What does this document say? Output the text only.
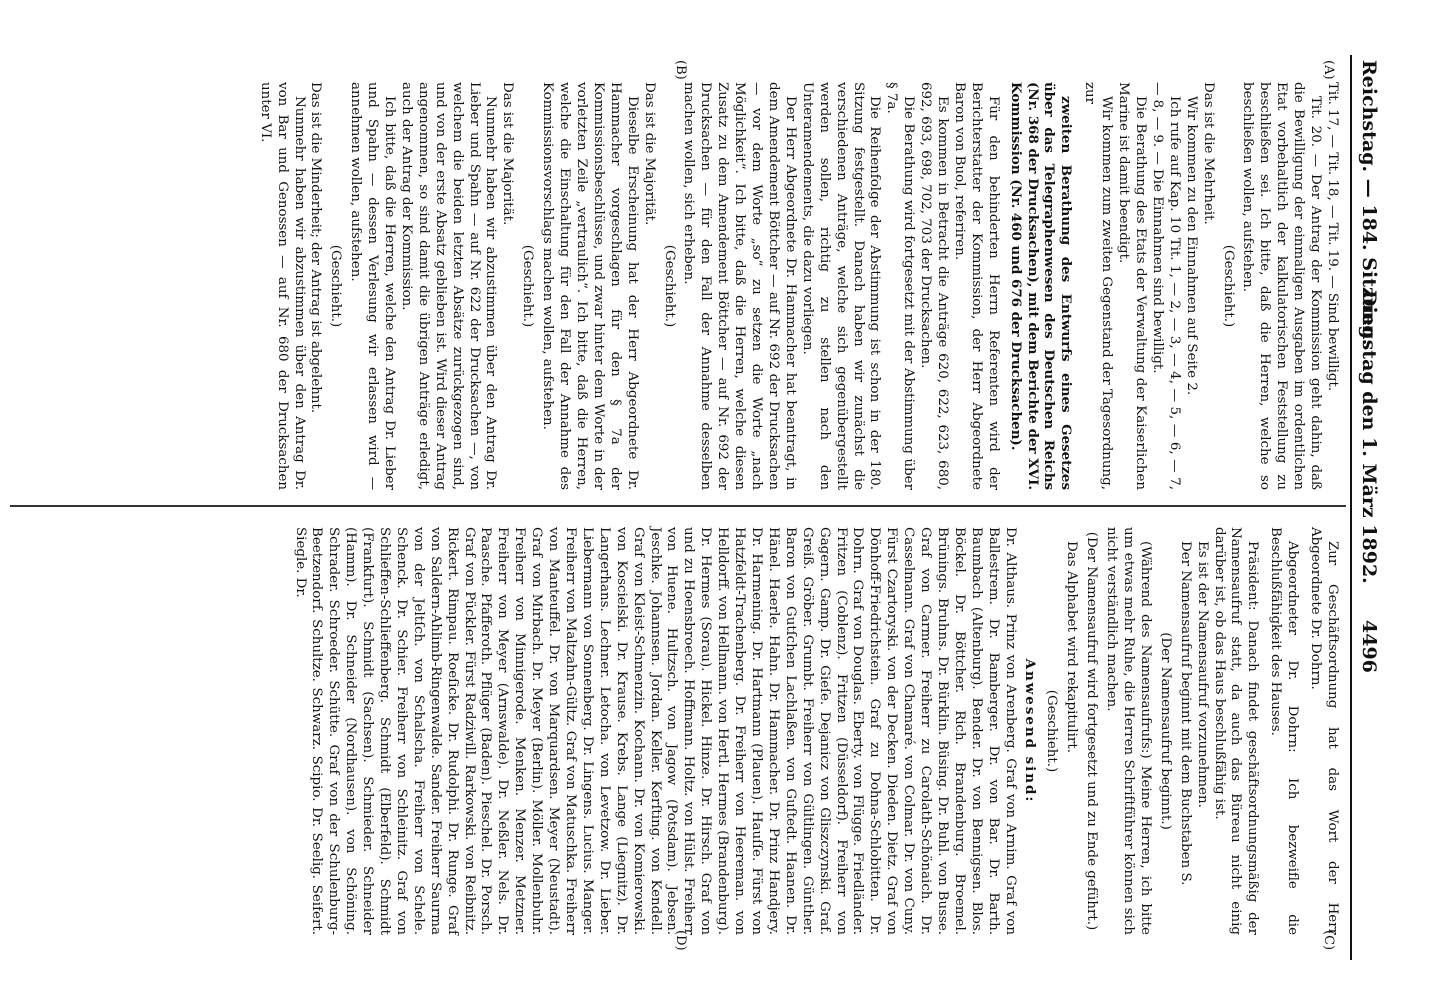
Reichstag. — 184. Sitzung.
Dienstag den 1. März 1892.
4496
(A)
(B)
(C)
(D)

Tit. 17, — Tit. 18, — Tit. 19. — Sind bewilligt.

Tit. 20. — Der Antrag der Kommission geht dahin, daß die Bewilligung der einmaligen Ausgaben im ordentlichen Etat vorbehaltlich der kalkulatorischen Feststellung zu beschließen sei. Ich bitte, daß die Herren, welche so beschließen wollen, aufstehen.

(Geschieht.)

Das ist die Mehrheit.

Wir kommen zu den Einnahmen auf Seite 2.

Ich rufe auf Kap. 10 Tit. 1, — 2, — 3, — 4, — 5, — 6, — 7, — 8, — 9. — Die Einnahmen sind bewilligt.

Die Berathung des Etats der Verwaltung der Kaiserlichen Marine ist damit beendigt.

Wir kommen zum zweiten Gegenstand der Tagesordnung, zur

zweiten Berathung des Entwurfs eines Gesetzes über das Telegraphenwesen des Deutschen Reichs (Nr. 368 der Drucksachen), mit dem Berichte der XVI. Kommission (Nr. 460 und 676 der Drucksachen).

Für den behinderten Herrn Referenten wird der Berichterstatter der Kommission, der Herr Abgeordnete Baron von Buol, referiren.

Es kommen in Betracht die Anträge 620, 622, 623, 680, 692, 693, 698, 702, 703 der Drucksachen.

Die Berathung wird fortgesetzt mit der Abstimmung über § 7a.

Die Reihenfolge der Abstimmung ist schon in der 180. Sitzung festgestellt. Danach haben wir zunächst die verschiedenen Anträge, welche sich gegenübergestellt werden sollen, richtig zu stellen nach den Unteramendements, die dazu vorliegen.

Der Herr Abgeordnete Dr. Hammacher hat beantragt, in dem Amendement Böttcher — auf Nr. 692 der Drucksachen — vor dem Worte „so“ zu setzen die Worte „nach Möglichkeit“. Ich bitte, daß die Herren, welche diesen Zusatz zu dem Amendement Böttcher — auf Nr. 692 der Drucksachen — für den Fall der Annahme desselben machen wollen, sich erheben.

(Geschieht.)

Das ist die Majorität.

Dieselbe Erscheinung hat der Herr Abgeordnete Dr. Hammacher vorgeschlagen für den § 7a der Kommissionsbeschlüsse, und zwar hinter dem Worte in der vorletzten Zeile „vertraulich“. Ich bitte, daß die Herren, welche die Einschaltung für den Fall der Annahme des Kommissionsvorschlags machen wollen, aufstehen.

(Geschieht.)

Das ist die Majorität.

Nunmehr haben wir abzustimmen über den Antrag Dr. Lieber und Spahn — auf Nr. 622 der Drucksachen —, von welchem die beiden letzten Absätze zurückgezogen sind, und von der erste Absatz geblieben ist. Wird dieser Antrag angenommen, so sind damit die übrigen Anträge erledigt, auch der Antrag der Kommission.

Ich bitte, daß die Herren, welche den Antrag Dr. Lieber und Spahn — dessen Verlesung wir erlassen wird — annehmen wollen, aufstehen.

(Geschieht.)

Das ist die Minderheit; der Antrag ist abgelehnt.

Nunmehr haben wir abzustimmen über den Antrag Dr. von Bar und Genossen — auf Nr. 680 der Drucksachen unter VI.

Zur Geschäftsordnung hat das Wort der Herr Abgeordnete Dr. Dohrn.

Abgeordneter Dr. Dohrn: Ich bezweifle die Beschlußfähigkeit des Hauses.

Präsident: Danach findet geschäftsordnungsmäßig der Namensaufruf statt, da auch das Büreau nicht einig darüber ist, ob das Haus beschlußfähig ist.

Es ist der Namensaufruf vorzunehmen.

Der Namensaufruf beginnt mit dem Buchstaben S.

(Der Namensaufruf beginnt.)

(Während des Namensaufrufs:) Meine Herren, ich bitte um etwas mehr Ruhe, die Herren Schriftführer können sich nicht verständlich machen.

(Der Namensaufruf wird fortgesetzt und zu Ende geführt.)

Das Alphabet wird rekapitulirt.

(Geschieht.)

Anwesend sind:

Dr. Althaus. Prinz von Arenberg. Graf von Arnim. Graf von Ballestrem. Dr. Bamberger. Dr. von Bar. Dr. Barth. Baumbach (Altenburg). Bender. Dr. von Bennigsen. Blos. Böckel. Dr. Böttcher. Rich. Brandenburg. Broemel. Brünings. Bruhns. Dr. Bürklin. Büsing. Dr. Buhl. von Busse. Graf von Carmer. Freiherr zu Carolath-Schönaich. Dr. Casselmann. Graf von Chamaré. von Colmar. Dr. von Cuny. Fürst Czartoryski. von der Decken. Dieden. Dietz. Graf von Dönhoff-Friedrichstein. Graf zu Dohna-Schlobitten. Dr. Dohrn. Graf von Douglas. Eberty. von Flügge. Friedländer. Fritzen (Coblenz). Fritzen (Düsseldorf). Freiherr von Gagern. Gamp. Dr. Gieſe. Dejanicz von Gliszczynski. Graf. Greiß. Gröber. Grumbt. Freiherr von Gültlingen. Günther. Baron von Gutſchen Lachlaßen. von Guſtedt. Haanen. Dr. Hänel. Haerle. Hahn. Dr. Hammacher. Dr. Prinz Handjery. Dr. Harmening. Dr. Hartmann (Plauen). Hauſſe. Fürst von Hatzfeldt-Trachenberg. Dr. Freiherr von Heereman. von Helldorff. von Hellmann. von Hertl. Hermes (Brandenburg). Dr. Hermes (Sorau). Hickel. Hinze. Dr. Hirsch. Graf von und zu Hoensbroech. Hoffmann. Holtz. von Hülst. Freiherr von Huene. Hultzsch. von Jagow (Potsdam). Jebsen. Jeschke. Johannsen. Jordan. Keller. Kerſting. von Kendell. Graf von Kleist-Schmenzin. Kochann. Dr. von Komierowski. von Koscielski. Dr. Krause. Krebs. Lange (Liegnitz). Dr. Langerhans. Lechner. Letocha. von Levetzow. Dr. Lieber. Liebermann von Sonnenberg. Dr. Lingens. Lucius. Manger. Freiherr von Maltzahn-Gültz. Graf von Matuschka. Freiherr von Manteuffel. Dr. von Marquardsen. Meyer (Neustadt). Graf von Mirbach. Dr. Meyer (Berlin). Möller. Mollenbuhr. Freiherr von Minnigerode. Menken. Menzer. Metzner. Freiherr von Meyer (Arnswalde). Dr. Neßler. Nels. Dr. Paasche. Pfafferoth. Pflüger (Baden). Pieschel. Dr. Porsch. Graf von Pückler. Fürst Radziwill. Rarkowski. von Reibnitz. Rickert. Rimpau. Roeſicke. Dr. Rudolphi. Dr. Runge. Graf von Saldern-Ahlimb-Ringenwalde. Sander. Freiherr Saurma von der Jeltſch. von Schalscha. Freiherr von Schele. Schenck. Dr. Schier. Freiherr von Schleinitz. Graf von Schlieffen-Schlieffenberg. Schmidt (Elberfeld). Schmidt (Frankfurt). Schmidt (Sachsen). Schmieder. Schneider (Hamm). Dr. Schneider (Nordhausen). von Schöning. Schrader. Schroeder. Schütte. Graf von der Schulenburg-Beetzendorf. Schultze. Schwarz. Scipio. Dr. Seelig. Seifert. Siegle. Dr.
